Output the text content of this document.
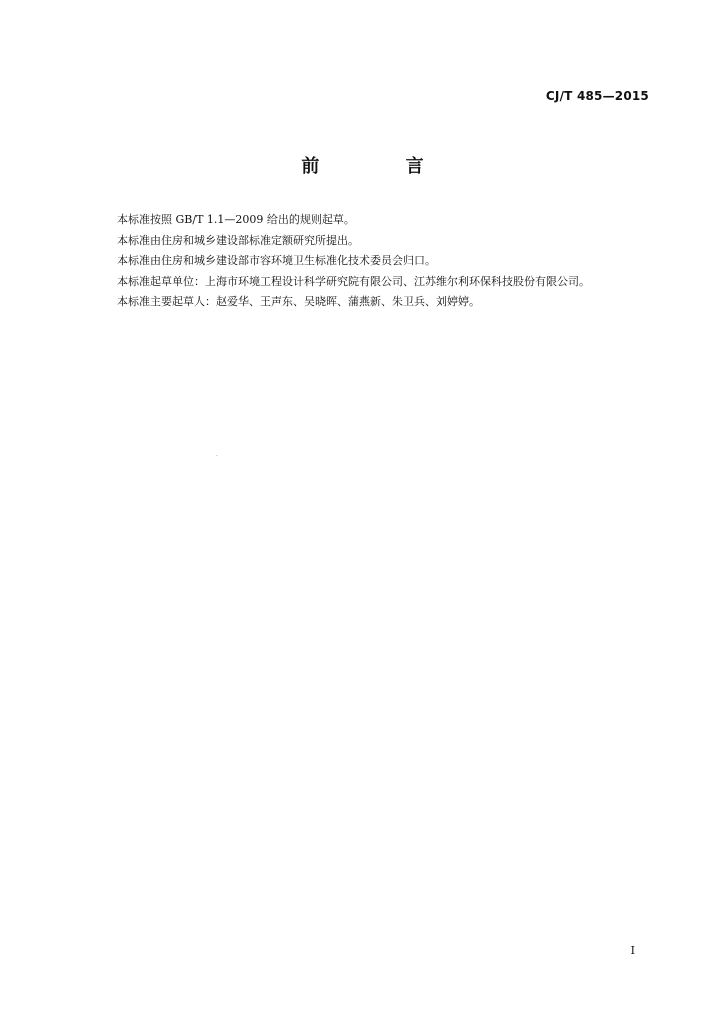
CJ/T 485—2015
前 言
本标准按照 GB/T 1.1—2009 给出的规则起草。
本标准由住房和城乡建设部标准定额研究所提出。
本标准由住房和城乡建设部市容环境卫生标准化技术委员会归口。
本标准起草单位：上海市环境工程设计科学研究院有限公司、江苏维尔利环保科技股份有限公司。
本标准主要起草人：赵爱华、王声东、吴晓晖、蒲燕新、朱卫兵、刘婷婷。
·
I
